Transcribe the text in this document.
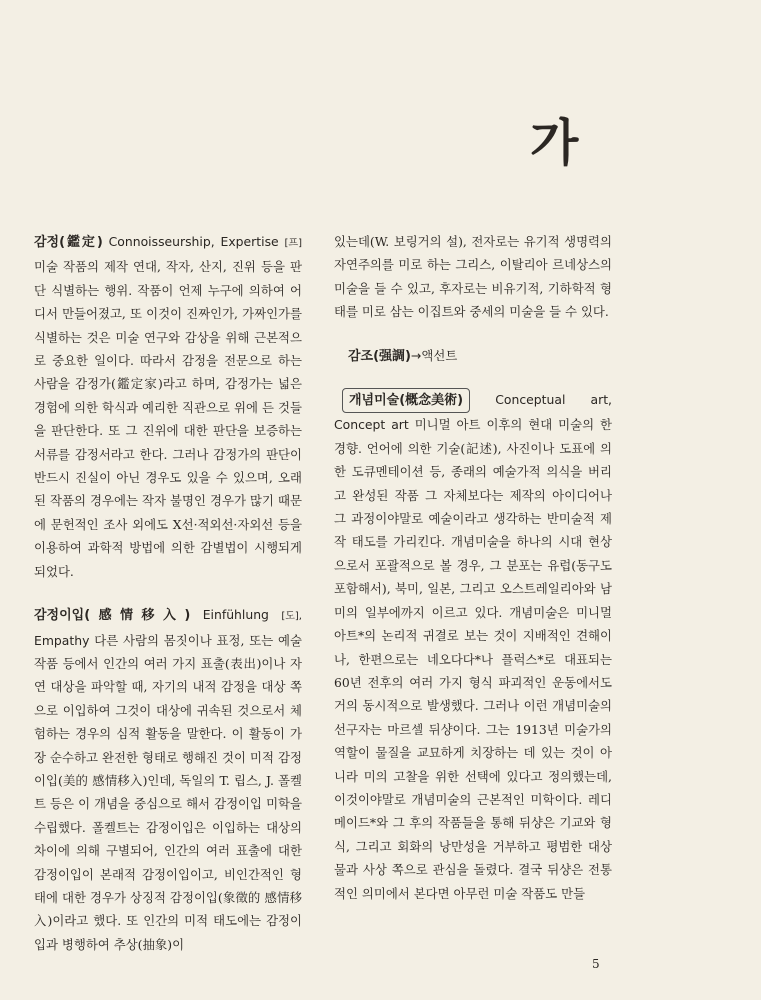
가

감정(鑑定) Connoisseurship, Expertise [프] 미술 작품의 제작 연대, 작자, 산지, 진위 등을 판단 식별하는 행위. 작품이 언제 누구에 의하여 어디서 만들어졌고, 또 이것이 진짜인가, 가짜인가를 식별하는 것은 미술 연구와 감상을 위해 근본적으로 중요한 일이다. 따라서 감정을 전문으로 하는 사람을 감정가(鑑定家)라고 하며, 감정가는 넓은 경험에 의한 학식과 예리한 직관으로 위에 든 것들을 판단한다. 또 그 진위에 대한 판단을 보증하는 서류를 감정서라고 한다. 그러나 감정가의 판단이 반드시 진실이 아닌 경우도 있을 수 있으며, 오래된 작품의 경우에는 작자 불명인 경우가 많기 때문에 문헌적인 조사 외에도 X선·적외선·자외선 등을 이용하여 과학적 방법에 의한 감별법이 시행되게 되었다.

감정이입(感情移入) Einfühlung [도], Empathy 다른 사람의 몸짓이나 표정, 또는 예술 작품 등에서 인간의 여러 가지 표출(表出)이나 자연 대상을 파악할 때, 자기의 내적 감정을 대상 쪽으로 이입하여 그것이 대상에 귀속된 것으로서 체험하는 경우의 심적 활동을 말한다. 이 활동이 가장 순수하고 완전한 형태로 행해진 것이 미적 감정이입(美的 感情移入)인데, 독일의 T. 립스, J. 폴켈트 등은 이 개념을 중심으로 해서 감정이입 미학을 수립했다. 폴켈트는 감정이입은 이입하는 대상의 차이에 의해 구별되어, 인간의 여러 표출에 대한 감정이입이 본래적 감정이입이고, 비인간적인 형태에 대한 경우가 상징적 감정이입(象徵的 感情移入)이라고 했다. 또 인간의 미적 태도에는 감정이입과 병행하여 추상(抽象)이

있는데(W. 보링거의 설), 전자로는 유기적 생명력의 자연주의를 미로 하는 그리스, 이탈리아 르네상스의 미술을 들 수 있고, 후자로는 비유기적, 기하학적 형태를 미로 삼는 이집트와 중세의 미술을 들 수 있다.

감조(强調)→액선트

개념미술(概念美術)	Conceptual art, Concept art 미니멀 아트 이후의 현대 미술의 한 경향. 언어에 의한 기술(記述), 사진이나 도표에 의한 도큐멘테이션 등, 종래의 예술가적 의식을 버리고 완성된 작품 그 자체보다는 제작의 아이디어나 그 과정이야말로 예술이라고 생각하는 반미술적 제작 태도를 가리킨다. 개념미술을 하나의 시대 현상으로서 포괄적으로 볼 경우, 그 분포는 유럽(동구도 포함해서), 북미, 일본, 그리고 오스트레일리아와 남미의 일부에까지 이르고 있다. 개념미술은 미니멀 아트*의 논리적 귀결로 보는 것이 지배적인 견해이나, 한편으로는 네오다다*나 플럭스*로 대표되는 60년 전후의 여러 가지 형식 파괴적인 운동에서도 거의 동시적으로 발생했다. 그러나 이런 개념미술의 선구자는 마르셀 뒤샹이다. 그는 1913년 미술가의 역할이 물질을 교묘하게 치장하는 데 있는 것이 아니라 미의 고찰을 위한 선택에 있다고 정의했는데, 이것이야말로 개념미술의 근본적인 미학이다. 레디메이드*와 그 후의 작품들을 통해 뒤샹은 기교와 형식, 그리고 회화의 낭만성을 거부하고 평범한 대상물과 사상 쪽으로 관심을 돌렸다. 결국 뒤샹은 전통적인 의미에서 본다면 아무런 미술 작품도 만들

5
